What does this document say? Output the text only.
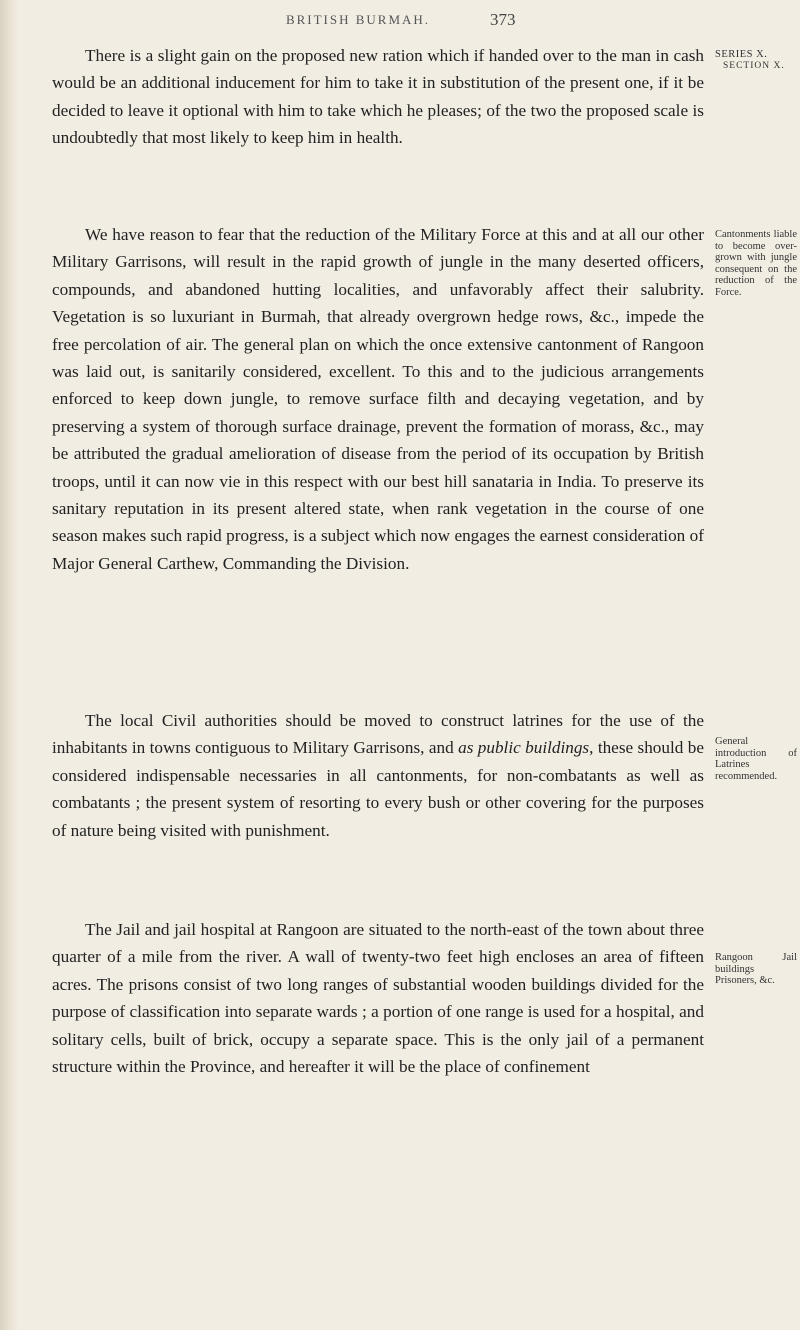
BRITISH BURMAH.	373

There is a slight gain on the proposed new ration which if handed over to the man in cash would be an additional inducement for him to take it in substitution of the present one, if it be decided to leave it optional with him to take which he pleases; of the two the proposed scale is undoubtedly that most likely to keep him in health.

We have reason to fear that the reduction of the Military Force at this and at all our other Military Garrisons, will result in the rapid growth of jungle in the many deserted officers, compounds, and abandoned hutting localities, and unfavorably affect their salubrity. Vegetation is so luxuriant in Burmah, that already overgrown hedge rows, &c., impede the free percolation of air. The general plan on which the once extensive cantonment of Rangoon was laid out, is sanitarily considered, excellent. To this and to the judicious arrangements enforced to keep down jungle, to remove surface filth and decaying vegetation, and by preserving a system of thorough surface drainage, prevent the formation of morass, &c., may be attributed the gradual amelioration of disease from the period of its occupation by British troops, until it can now vie in this respect with our best hill sanataria in India. To preserve its sanitary reputation in its present altered state, when rank vegetation in the course of one season makes such rapid progress, is a subject which now engages the earnest consideration of Major General Carthew, Commanding the Division.

The local Civil authorities should be moved to construct latrines for the use of the inhabitants in towns contiguous to Military Garrisons, and as public buildings, these should be considered indispensable necessaries in all cantonments, for non-combatants as well as combatants ; the present system of resorting to every bush or other covering for the purposes of nature being visited with punishment.

The Jail and jail hospital at Rangoon are situated to the north-east of the town about three quarter of a mile from the river. A wall of twenty-two feet high encloses an area of fifteen acres. The prisons consist of two long ranges of substantial wooden buildings divided for the purpose of classification into separate wards ; a portion of one range is used for a hospital, and solitary cells, built of brick, occupy a separate space. This is the only jail of a permanent structure within the Province, and hereafter it will be the place of confinement

SERIES X.
SECTION X.
Cantonments liable to become over-grown with jungle consequent on the reduction of the Force.
General introduction of Latrines recommended.
Rangoon Jail buildings Prisoners, &c.
